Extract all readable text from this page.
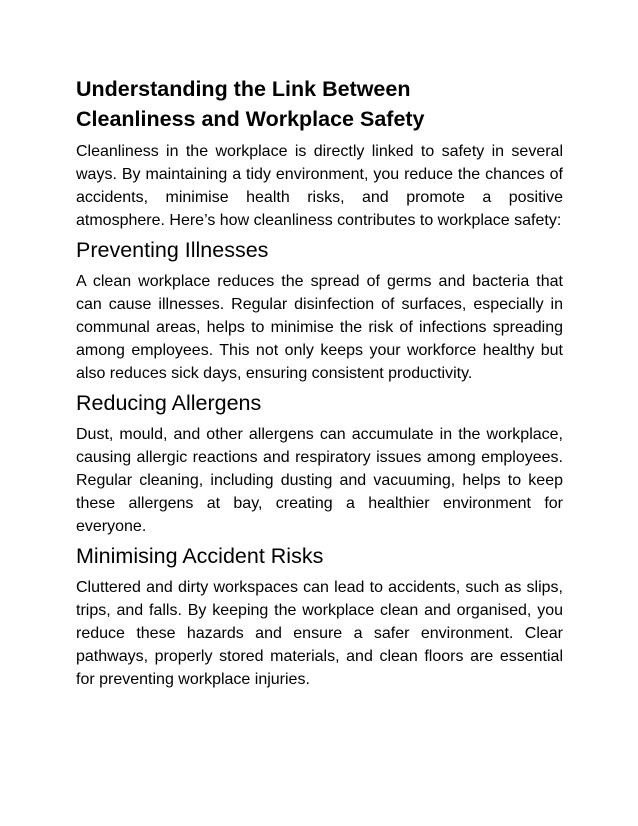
Understanding the Link Between
Cleanliness and Workplace Safety

Cleanliness in the workplace is directly linked to safety in several ways. By maintaining a tidy environment, you reduce the chances of accidents, minimise health risks, and promote a positive atmosphere. Here’s how cleanliness contributes to workplace safety:

Preventing Illnesses

A clean workplace reduces the spread of germs and bacteria that can cause illnesses. Regular disinfection of surfaces, especially in communal areas, helps to minimise the risk of infections spreading among employees. This not only keeps your workforce healthy but also reduces sick days, ensuring consistent productivity.

Reducing Allergens

Dust, mould, and other allergens can accumulate in the workplace, causing allergic reactions and respiratory issues among employees. Regular cleaning, including dusting and vacuuming, helps to keep these allergens at bay, creating a healthier environment for everyone.

Minimising Accident Risks

Cluttered and dirty workspaces can lead to accidents, such as slips, trips, and falls. By keeping the workplace clean and organised, you reduce these hazards and ensure a safer environment. Clear pathways, properly stored materials, and clean floors are essential for preventing workplace injuries.
